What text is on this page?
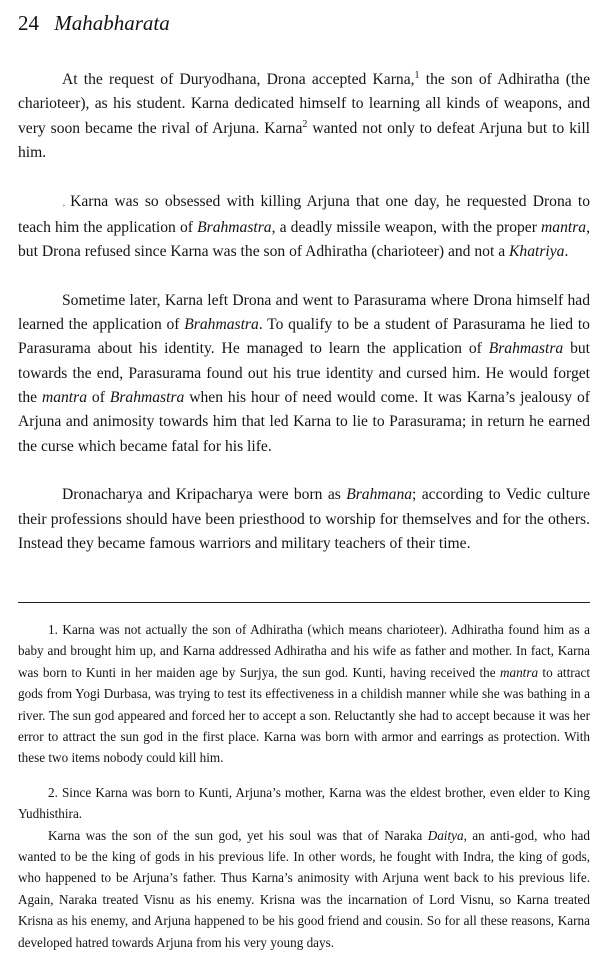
24 Mahabharata

At the request of Duryodhana, Drona accepted Karna,$^1$ the son of Adhiratha (the charioteer), as his student. Karna dedicated himself to learning all kinds of weapons, and very soon became the rival of Arjuna. Karna$^2$ wanted not only to defeat Arjuna but to kill him.

¸ Karna was so obsessed with killing Arjuna that one day, he requested Drona to teach him the application of Brahmastra, a deadly missile weapon, with the proper mantra, but Drona refused since Karna was the son of Adhiratha (charioteer) and not a Khatriya.

Sometime later, Karna left Drona and went to Parasurama where Drona himself had learned the application of Brahmastra. To qualify to be a student of Parasurama he lied to Parasurama about his identity. He managed to learn the application of Brahmastra but towards the end, Parasurama found out his true identity and cursed him. He would forget the mantra of Brahmastra when his hour of need would come. It was Karna’s jealousy of Arjuna and animosity towards him that led Karna to lie to Parasurama; in return he earned the curse which became fatal for his life.

Dronacharya and Kripacharya were born as Brahmana; according to Vedic culture their professions should have been priesthood to worship for themselves and for the others. Instead they became famous warriors and military teachers of their time.

1. Karna was not actually the son of Adhiratha (which means charioteer). Adhiratha found him as a baby and brought him up, and Karna addressed Adhiratha and his wife as father and mother. In fact, Karna was born to Kunti in her maiden age by Surjya, the sun god. Kunti, having received the mantra to attract gods from Yogi Durbasa, was trying to test its effectiveness in a childish manner while she was bathing in a river. The sun god appeared and forced her to accept a son. Reluctantly she had to accept because it was her error to attract the sun god in the first place. Karna was born with armor and earrings as protection. With these two items nobody could kill him.

2. Since Karna was born to Kunti, Arjuna’s mother, Karna was the eldest brother, even elder to King Yudhisthira.

Karna was the son of the sun god, yet his soul was that of Naraka Daitya, an anti-god, who had wanted to be the king of gods in his previous life. In other words, he fought with Indra, the king of gods, who happened to be Arjuna’s father. Thus Karna’s animosity with Arjuna went back to his previous life. Again, Naraka treated Visnu as his enemy. Krisna was the incarnation of Lord Visnu, so Karna treated Krisna as his enemy, and Arjuna happened to be his good friend and cousin. So for all these reasons, Karna developed hatred towards Arjuna from his very young days.
